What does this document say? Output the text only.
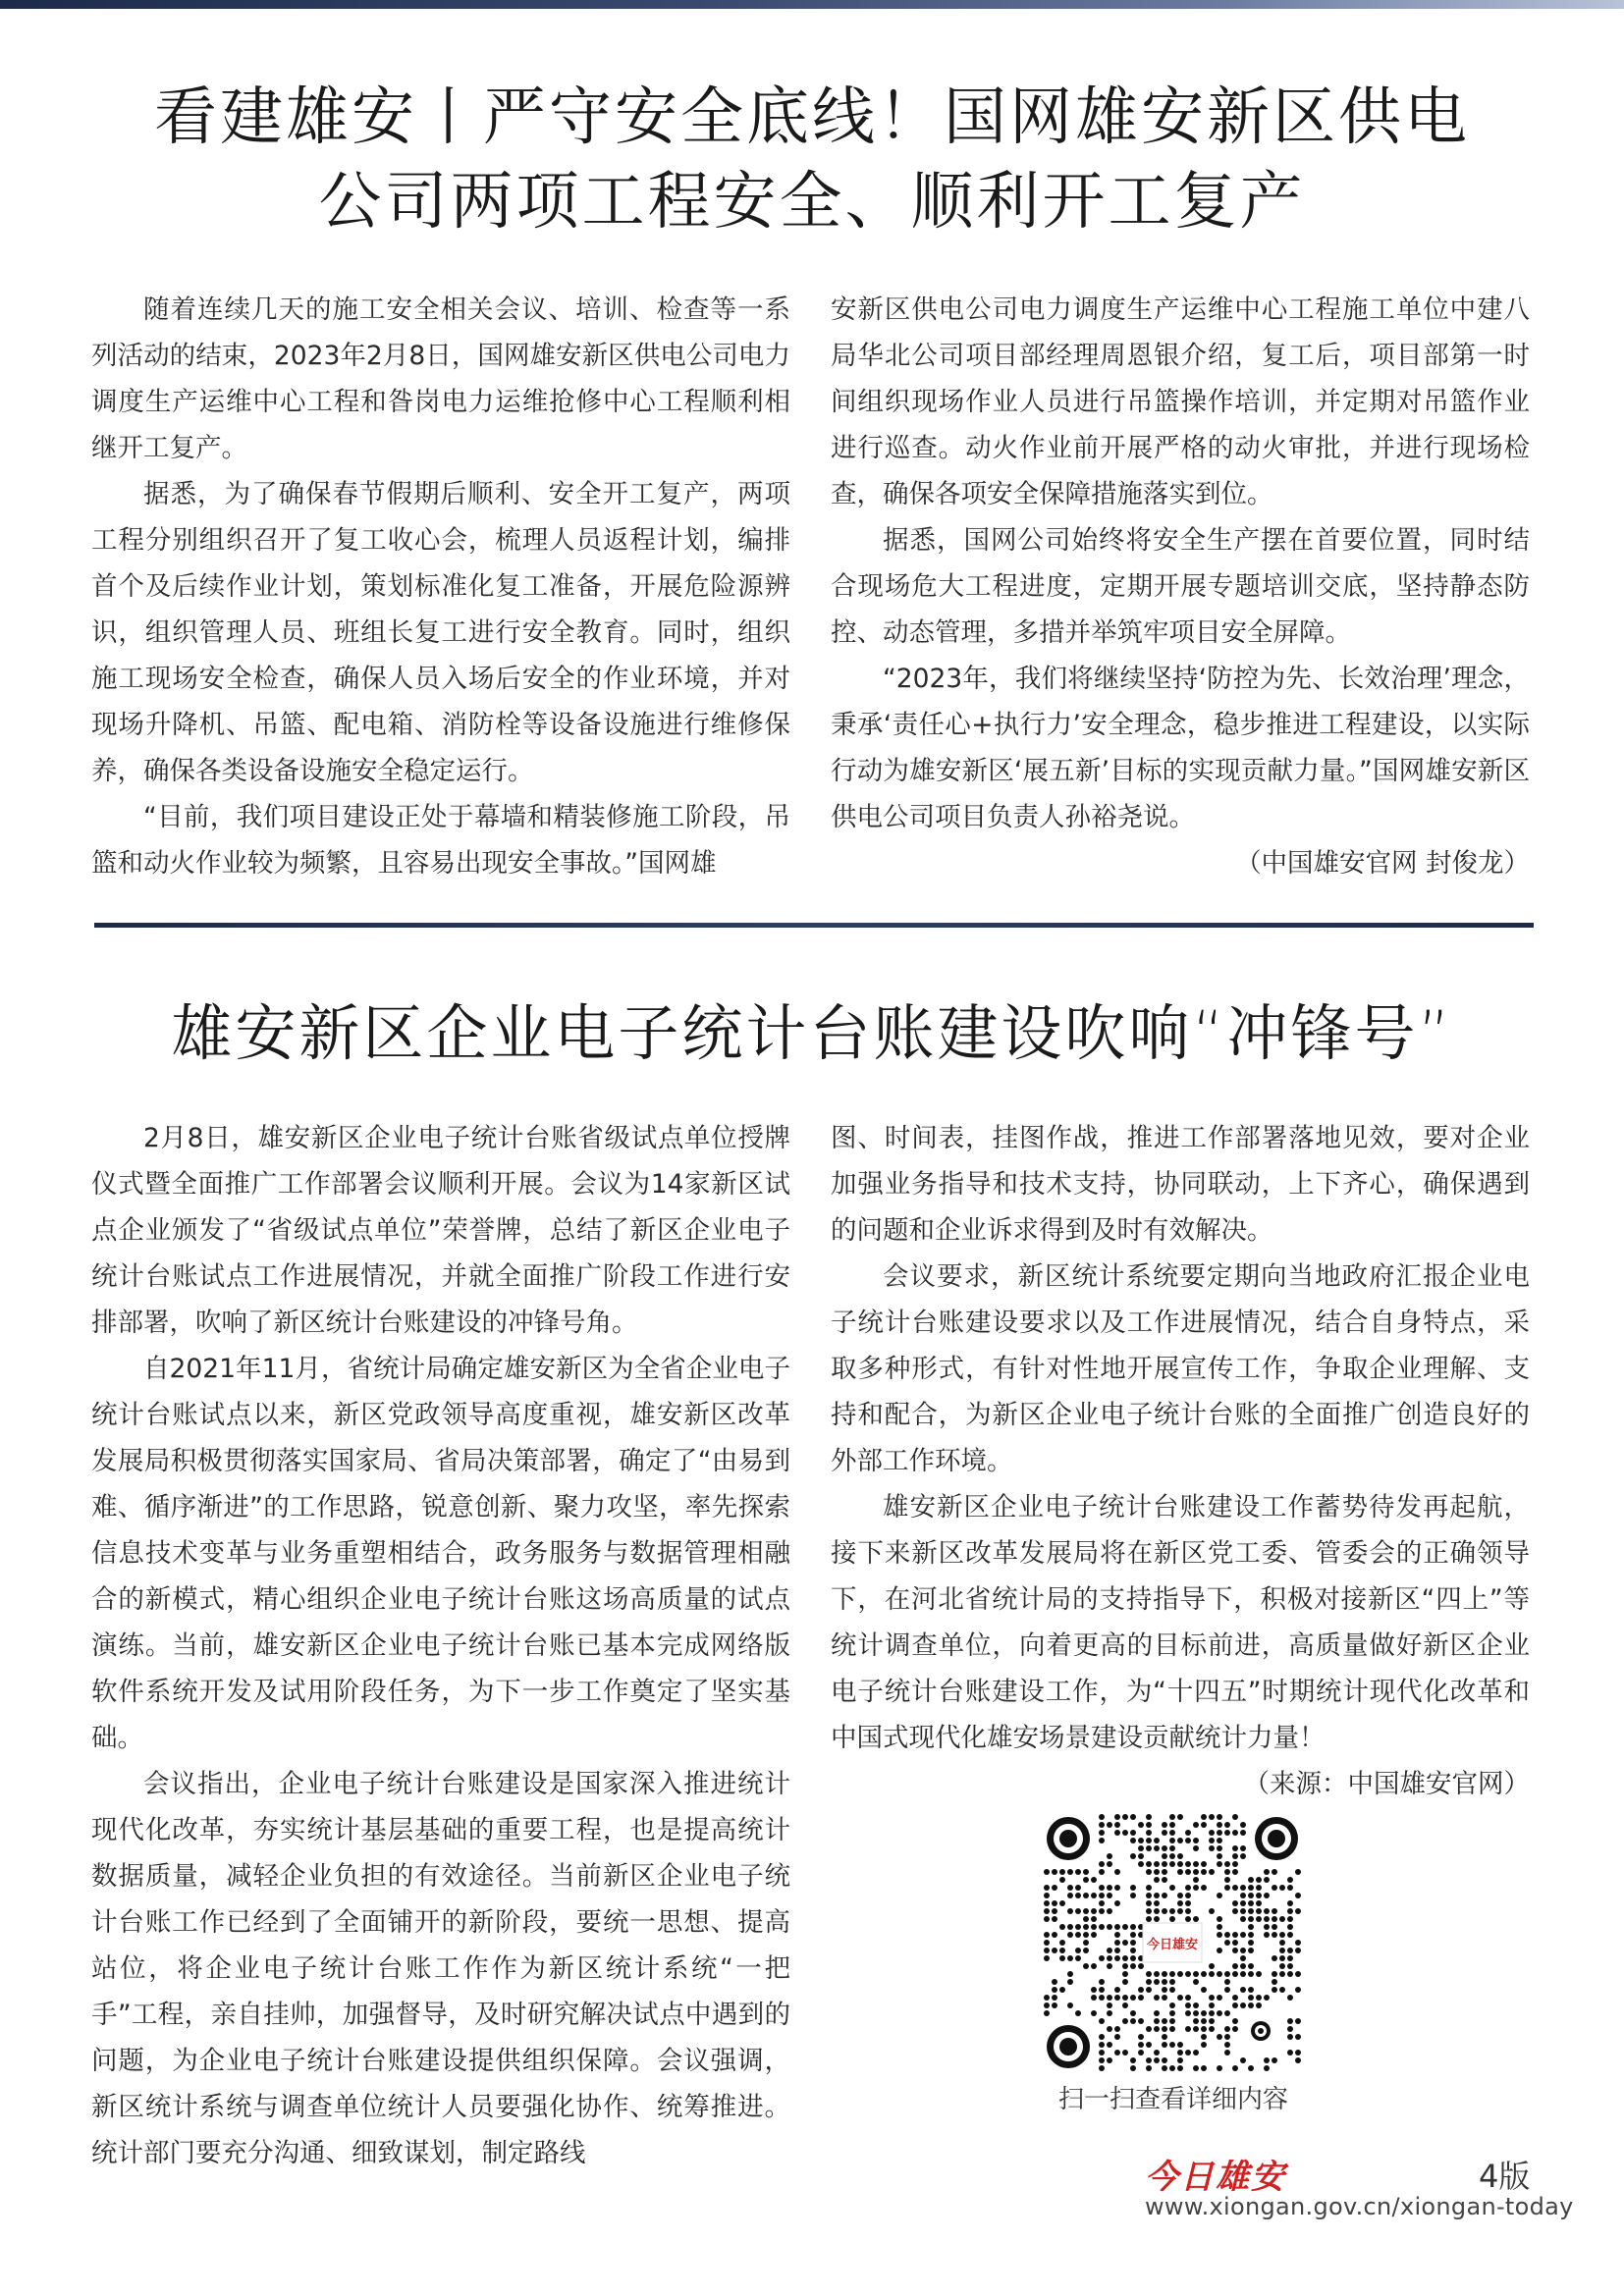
看建雄安丨严守安全底线！国网雄安新区供电
公司两项工程安全、顺利开工复产

随着连续几天的施工安全相关会议、培训、检查等一系列活动的结束，2023年2月8日，国网雄安新区供电公司电力调度生产运维中心工程和昝岗电力运维抢修中心工程顺利相继开工复产。

据悉，为了确保春节假期后顺利、安全开工复产，两项工程分别组织召开了复工收心会，梳理人员返程计划，编排首个及后续作业计划，策划标准化复工准备，开展危险源辨识，组织管理人员、班组长复工进行安全教育。同时，组织施工现场安全检查，确保人员入场后安全的作业环境，并对现场升降机、吊篮、配电箱、消防栓等设备设施进行维修保养，确保各类设备设施安全稳定运行。

“目前，我们项目建设正处于幕墙和精装修施工阶段，吊篮和动火作业较为频繁，且容易出现安全事故。”国网雄

安新区供电公司电力调度生产运维中心工程施工单位中建八局华北公司项目部经理周恩银介绍，复工后，项目部第一时间组织现场作业人员进行吊篮操作培训，并定期对吊篮作业进行巡查。动火作业前开展严格的动火审批，并进行现场检查，确保各项安全保障措施落实到位。

据悉，国网公司始终将安全生产摆在首要位置，同时结合现场危大工程进度，定期开展专题培训交底，坚持静态防控、动态管理，多措并举筑牢项目安全屏障。

“2023年，我们将继续坚持‘防控为先、长效治理’理念，秉承‘责任心+执行力’安全理念，稳步推进工程建设，以实际行动为雄安新区‘展五新’目标的实现贡献力量。”国网雄安新区供电公司项目负责人孙裕尧说。

（中国雄安官网 封俊龙）

雄安新区企业电子统计台账建设吹响“冲锋号”

2月8日，雄安新区企业电子统计台账省级试点单位授牌仪式暨全面推广工作部署会议顺利开展。会议为14家新区试点企业颁发了“省级试点单位”荣誉牌，总结了新区企业电子统计台账试点工作进展情况，并就全面推广阶段工作进行安排部署，吹响了新区统计台账建设的冲锋号角。

自2021年11月，省统计局确定雄安新区为全省企业电子统计台账试点以来，新区党政领导高度重视，雄安新区改革发展局积极贯彻落实国家局、省局决策部署，确定了“由易到难、循序渐进”的工作思路，锐意创新、聚力攻坚，率先探索信息技术变革与业务重塑相结合，政务服务与数据管理相融合的新模式，精心组织企业电子统计台账这场高质量的试点演练。当前，雄安新区企业电子统计台账已基本完成网络版软件系统开发及试用阶段任务，为下一步工作奠定了坚实基础。

会议指出，企业电子统计台账建设是国家深入推进统计现代化改革，夯实统计基层基础的重要工程，也是提高统计数据质量，减轻企业负担的有效途径。当前新区企业电子统计台账工作已经到了全面铺开的新阶段，要统一思想、提高站位，将企业电子统计台账工作作为新区统计系统“一把手”工程，亲自挂帅，加强督导，及时研究解决试点中遇到的问题，为企业电子统计台账建设提供组织保障。会议强调，新区统计系统与调查单位统计人员要强化协作、统筹推进。统计部门要充分沟通、细致谋划，制定路线

图、时间表，挂图作战，推进工作部署落地见效，要对企业加强业务指导和技术支持，协同联动，上下齐心，确保遇到的问题和企业诉求得到及时有效解决。

会议要求，新区统计系统要定期向当地政府汇报企业电子统计台账建设要求以及工作进展情况，结合自身特点，采取多种形式，有针对性地开展宣传工作，争取企业理解、支持和配合，为新区企业电子统计台账的全面推广创造良好的外部工作环境。

雄安新区企业电子统计台账建设工作蓄势待发再起航，接下来新区改革发展局将在新区党工委、管委会的正确领导下，在河北省统计局的支持指导下，积极对接新区“四上”等统计调查单位，向着更高的目标前进，高质量做好新区企业电子统计台账建设工作，为“十四五”时期统计现代化改革和中国式现代化雄安场景建设贡献统计力量！

（来源：中国雄安官网）

今日雄安
扫一扫查看详细内容
今日雄安	4版
www.xiongan.gov.cn/xiongan-today
